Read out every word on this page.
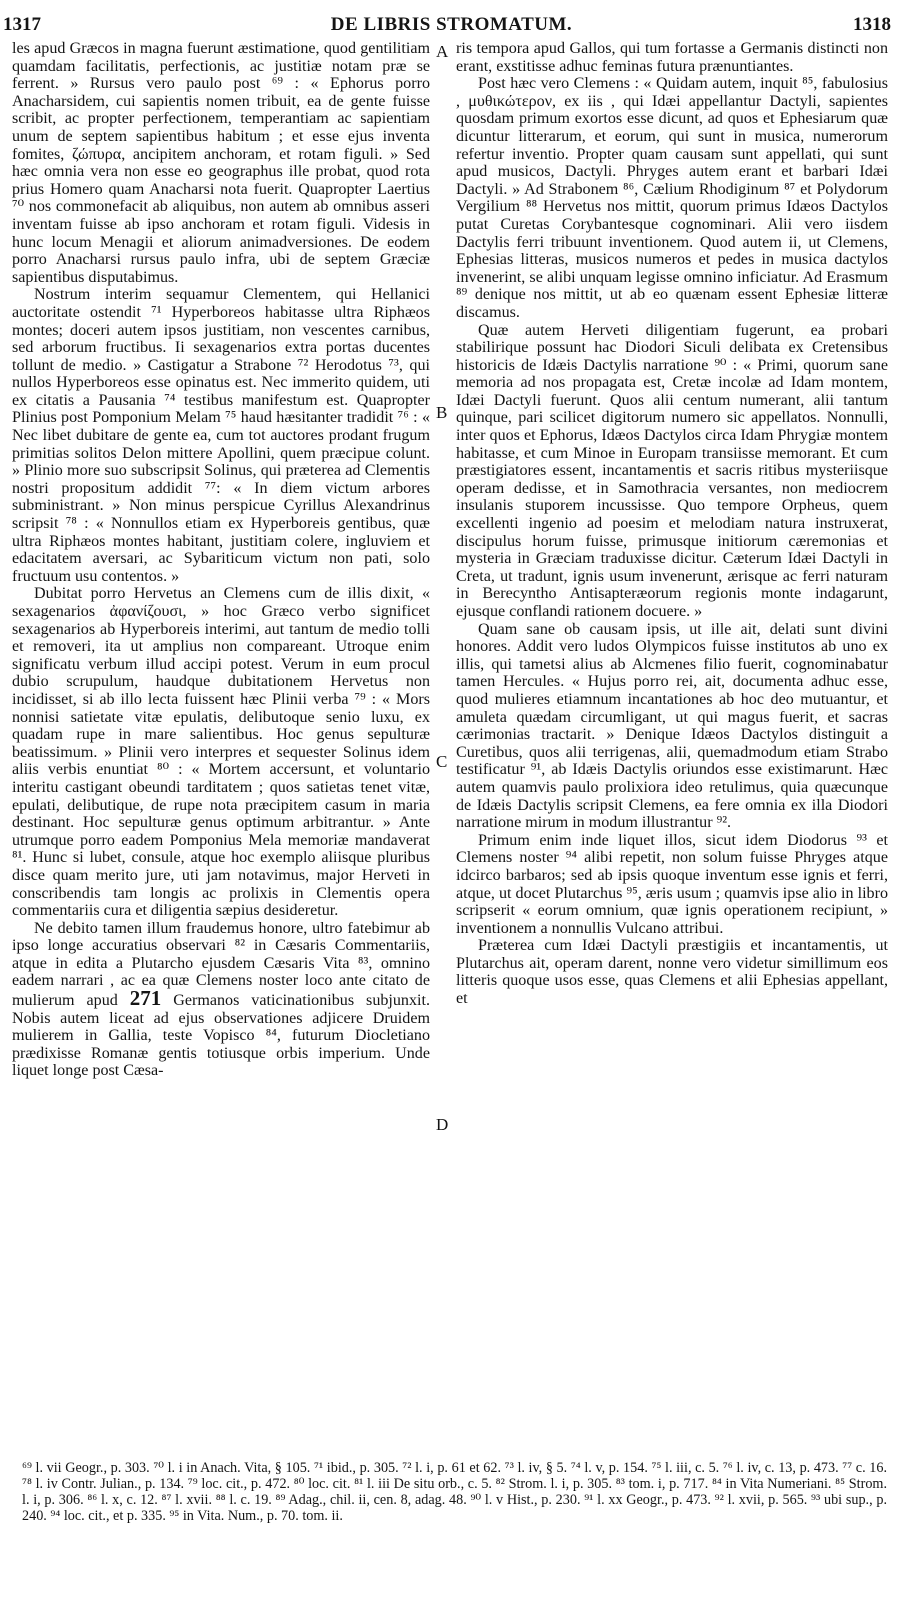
1317	DE LIBRIS STROMATUM.	1318

les apud Græcos in magna fuerunt æstimatione, quod gentilitiam quamdam facilitatis, perfectionis, ac justitiæ notam præ se ferrent. » Rursus vero paulo post ⁶⁹ : « Ephorus porro Anacharsidem, cui sapientis nomen tribuit, ea de gente fuisse scribit, ac propter perfectionem, temperantiam ac sapientiam unum de septem sapientibus habitum ; et esse ejus inventa fomites, ζώπυρα, ancipitem anchoram, et rotam figuli. » Sed hæc omnia vera non esse eo geographus ille probat, quod rota prius Homero quam Anacharsi nota fuerit. Quapropter Laertius ⁷⁰ nos commonefacit ab aliquibus, non autem ab omnibus asseri inventam fuisse ab ipso anchoram et rotam figuli. Videsis in hunc locum Menagii et aliorum animadversiones. De eodem porro Anacharsi rursus paulo infra, ubi de septem Græciæ sapientibus disputabimus.

Nostrum interim sequamur Clementem, qui Hellanici auctoritate ostendit ⁷¹ Hyperboreos habitasse ultra Riphæos montes; doceri autem ipsos justitiam, non vescentes carnibus, sed arborum fructibus. Ii sexagenarios extra portas ducentes tollunt de medio. » Castigatur a Strabone ⁷² Herodotus ⁷³, qui nullos Hyperboreos esse opinatus est. Nec immerito quidem, uti ex citatis a Pausania ⁷⁴ testibus manifestum est. Quapropter Plinius post Pomponium Melam ⁷⁵ haud hæsitanter tradidit ⁷⁶ : « Nec libet dubitare de gente ea, cum tot auctores prodant frugum primitias solitos Delon mittere Apollini, quem præcipue colunt. » Plinio more suo subscripsit Solinus, qui præterea ad Clementis nostri propositum addidit ⁷⁷: « In diem victum arbores subministrant. » Non minus perspicue Cyrillus Alexandrinus scripsit ⁷⁸ : « Nonnullos etiam ex Hyperboreis gentibus, quæ ultra Riphæos montes habitant, justitiam colere, ingluviem et edacitatem aversari, ac Sybariticum victum non pati, solo fructuum usu contentos. »

Dubitat porro Hervetus an Clemens cum de illis dixit, « sexagenarios ἀφανίζουσι, » hoc Græco verbo significet sexagenarios ab Hyperboreis interimi, aut tantum de medio tolli et removeri, ita ut amplius non compareant. Utroque enim significatu verbum illud accipi potest. Verum in eum procul dubio scrupulum, haudque dubitationem Hervetus non incidisset, si ab illo lecta fuissent hæc Plinii verba ⁷⁹ : « Mors nonnisi satietate vitæ epulatis, delibutoque senio luxu, ex quadam rupe in mare salientibus. Hoc genus sepulturæ beatissimum. » Plinii vero interpres et sequester Solinus idem aliis verbis enuntiat ⁸⁰ : « Mortem accersunt, et voluntario interitu castigant obeundi tarditatem ; quos satietas tenet vitæ, epulati, delibutique, de rupe nota præcipitem casum in maria destinant. Hoc sepulturæ genus optimum arbitrantur. » Ante utrumque porro eadem Pomponius Mela memoriæ mandaverat ⁸¹. Hunc si lubet, consule, atque hoc exemplo aliisque pluribus disce quam merito jure, uti jam notavimus, major Herveti in conscribendis tam longis ac prolixis in Clementis opera commentariis cura et diligentia sæpius desideretur.

Ne debito tamen illum fraudemus honore, ultro fatebimur ab ipso longe accuratius observari ⁸² in Cæsaris Commentariis, atque in edita a Plutarcho ejusdem Cæsaris Vita ⁸³, omnino eadem narrari , ac ea quæ Clemens noster loco ante citato de mulierum apud 271 Germanos vaticinationibus subjunxit. Nobis autem liceat ad ejus observationes adjicere Druidem mulierem in Gallia, teste Vopisco ⁸⁴, futurum Diocletiano prædixisse Romanæ gentis totiusque orbis imperium. Unde liquet longe post Cæsa-

A
B
C
D

ris tempora apud Gallos, qui tum fortasse a Germanis distincti non erant, exstitisse adhuc feminas futura prænuntiantes.

Post hæc vero Clemens : « Quidam autem, inquit ⁸⁵, fabulosius , μυθικώτερον, ex iis , qui Idæi appellantur Dactyli, sapientes quosdam primum exortos esse dicunt, ad quos et Ephesiarum quæ dicuntur litterarum, et eorum, qui sunt in musica, numerorum refertur inventio. Propter quam causam sunt appellati, qui sunt apud musicos, Dactyli. Phryges autem erant et barbari Idæi Dactyli. » Ad Strabonem ⁸⁶, Cælium Rhodiginum ⁸⁷ et Polydorum Vergilium ⁸⁸ Hervetus nos mittit, quorum primus Idæos Dactylos putat Curetas Corybantesque cognominari. Alii vero iisdem Dactylis ferri tribuunt inventionem. Quod autem ii, ut Clemens, Ephesias litteras, musicos numeros et pedes in musica dactylos invenerint, se alibi unquam legisse omnino inficiatur. Ad Erasmum ⁸⁹ denique nos mittit, ut ab eo quænam essent Ephesiæ litteræ discamus.

Quæ autem Herveti diligentiam fugerunt, ea probari stabilirique possunt hac Diodori Siculi delibata ex Cretensibus historicis de Idæis Dactylis narratione ⁹⁰ : « Primi, quorum sane memoria ad nos propagata est, Cretæ incolæ ad Idam montem, Idæi Dactyli fuerunt. Quos alii centum numerant, alii tantum quinque, pari scilicet digitorum numero sic appellatos. Nonnulli, inter quos et Ephorus, Idæos Dactylos circa Idam Phrygiæ montem habitasse, et cum Minoe in Europam transiisse memorant. Et cum præstigiatores essent, incantamentis et sacris ritibus mysteriisque operam dedisse, et in Samothracia versantes, non mediocrem insulanis stuporem incussisse. Quo tempore Orpheus, quem excellenti ingenio ad poesim et melodiam natura instruxerat, discipulus horum fuisse, primusque initiorum cæremonias et mysteria in Græciam traduxisse dicitur. Cæterum Idæi Dactyli in Creta, ut tradunt, ignis usum invenerunt, ærisque ac ferri naturam in Berecyntho Antisapteræorum regionis monte indagarunt, ejusque conflandi rationem docuere. »

Quam sane ob causam ipsis, ut ille ait, delati sunt divini honores. Addit vero ludos Olympicos fuisse institutos ab uno ex illis, qui tametsi alius ab Alcmenes filio fuerit, cognominabatur tamen Hercules. « Hujus porro rei, ait, documenta adhuc esse, quod mulieres etiamnum incantationes ab hoc deo mutuantur, et amuleta quædam circumligant, ut qui magus fuerit, et sacras cærimonias tractarit. » Denique Idæos Dactylos distinguit a Curetibus, quos alii terrigenas, alii, quemadmodum etiam Strabo testificatur ⁹¹, ab Idæis Dactylis oriundos esse existimarunt. Hæc autem quamvis paulo prolixiora ideo retulimus, quia quæcunque de Idæis Dactylis scripsit Clemens, ea fere omnia ex illa Diodori narratione mirum in modum illustrantur ⁹².

Primum enim inde liquet illos, sicut idem Diodorus ⁹³ et Clemens noster ⁹⁴ alibi repetit, non solum fuisse Phryges atque idcirco barbaros; sed ab ipsis quoque inventum esse ignis et ferri, atque, ut docet Plutarchus ⁹⁵, æris usum ; quamvis ipse alio in libro scripserit « eorum omnium, quæ ignis operationem recipiunt, » inventionem a nonnullis Vulcano attribui.

Præterea cum Idæi Dactyli præstigiis et incantamentis, ut Plutarchus ait, operam darent, nonne vero videtur simillimum eos litteris quoque usos esse, quas Clemens et alii Ephesias appellant, et

⁶⁹ l. vii Geogr., p. 303. ⁷⁰ l. i in Anach. Vita, § 105. ⁷¹ ibid., p. 305. ⁷² l. i, p. 61 et 62. ⁷³ l. iv, § 5. ⁷⁴ l. v, p. 154. ⁷⁵ l. iii, c. 5. ⁷⁶ l. iv, c. 13, p. 473. ⁷⁷ c. 16. ⁷⁸ l. iv Contr. Julian., p. 134. ⁷⁹ loc. cit., p. 472. ⁸⁰ loc. cit. ⁸¹ l. iii De situ orb., c. 5. ⁸² Strom. l. i, p. 305. ⁸³ tom. i, p. 717. ⁸⁴ in Vita Numeriani. ⁸⁵ Strom. l. i, p. 306. ⁸⁶ l. x, c. 12. ⁸⁷ l. xvii. ⁸⁸ l. c. 19. ⁸⁹ Adag., chil. ii, cen. 8, adag. 48. ⁹⁰ l. v Hist., p. 230. ⁹¹ l. xx Geogr., p. 473. ⁹² l. xvii, p. 565. ⁹³ ubi sup., p. 240. ⁹⁴ loc. cit., et p. 335. ⁹⁵ in Vita. Num., p. 70. tom. ii.
